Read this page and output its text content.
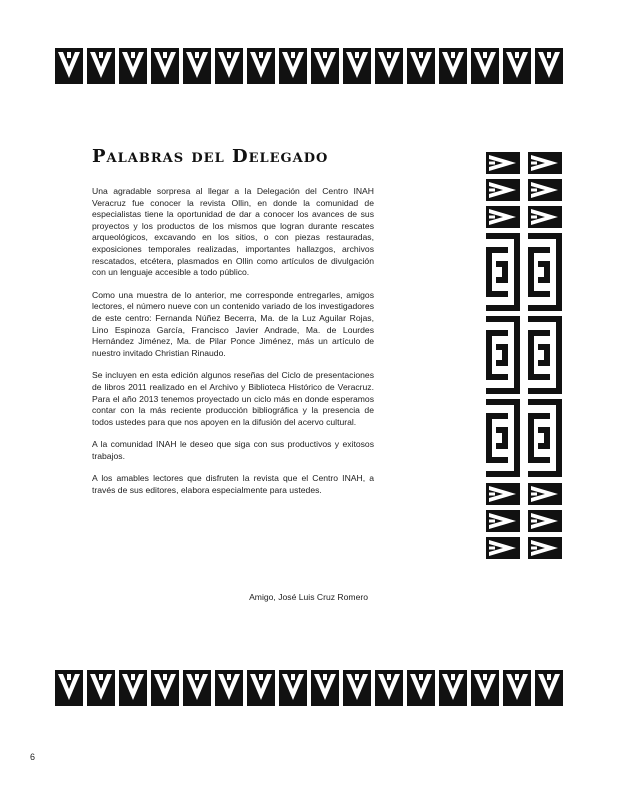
Palabras del Delegado

Una agradable sorpresa al llegar a la Delegación del Centro INAH Veracruz fue conocer la revista Ollin, en donde la comunidad de especialistas tiene la oportunidad de dar a conocer los avances de sus proyectos y los productos de los mismos que logran durante rescates arqueológicos, excavando en los sitios, o con piezas restauradas, exposiciones temporales realizadas, importantes hallazgos, archivos rescatados, etcétera, plasmados en Ollin como artículos de divulgación con un lenguaje accesible a todo público.

Como una muestra de lo anterior, me corresponde entregarles, amigos lectores, el número nueve con un contenido variado de los investigadores de este centro: Fernanda Núñez Becerra, Ma. de la Luz Aguilar Rojas, Lino Espinoza García, Francisco Javier Andrade, Ma. de Lourdes Hernández Jiménez, Ma. de Pilar Ponce Jiménez, más un artículo de nuestro invitado Christian Rinaudo.

Se incluyen en esta edición algunos reseñas del Ciclo de presentaciones de libros 2011 realizado en el Archivo y Biblioteca Histórico de Veracruz. Para el año 2013 tenemos proyectado un ciclo más en donde esperamos contar con la más reciente producción bibliográfica y la presencia de todos ustedes para que nos apoyen en la difusión del acervo cultural.

A la comunidad INAH le deseo que siga con sus productivos y exitosos trabajos.

A los amables lectores que disfruten la revista que el Centro INAH, a través de sus editores, elabora especialmente para ustedes.

Amigo, José Luis Cruz Romero
6
